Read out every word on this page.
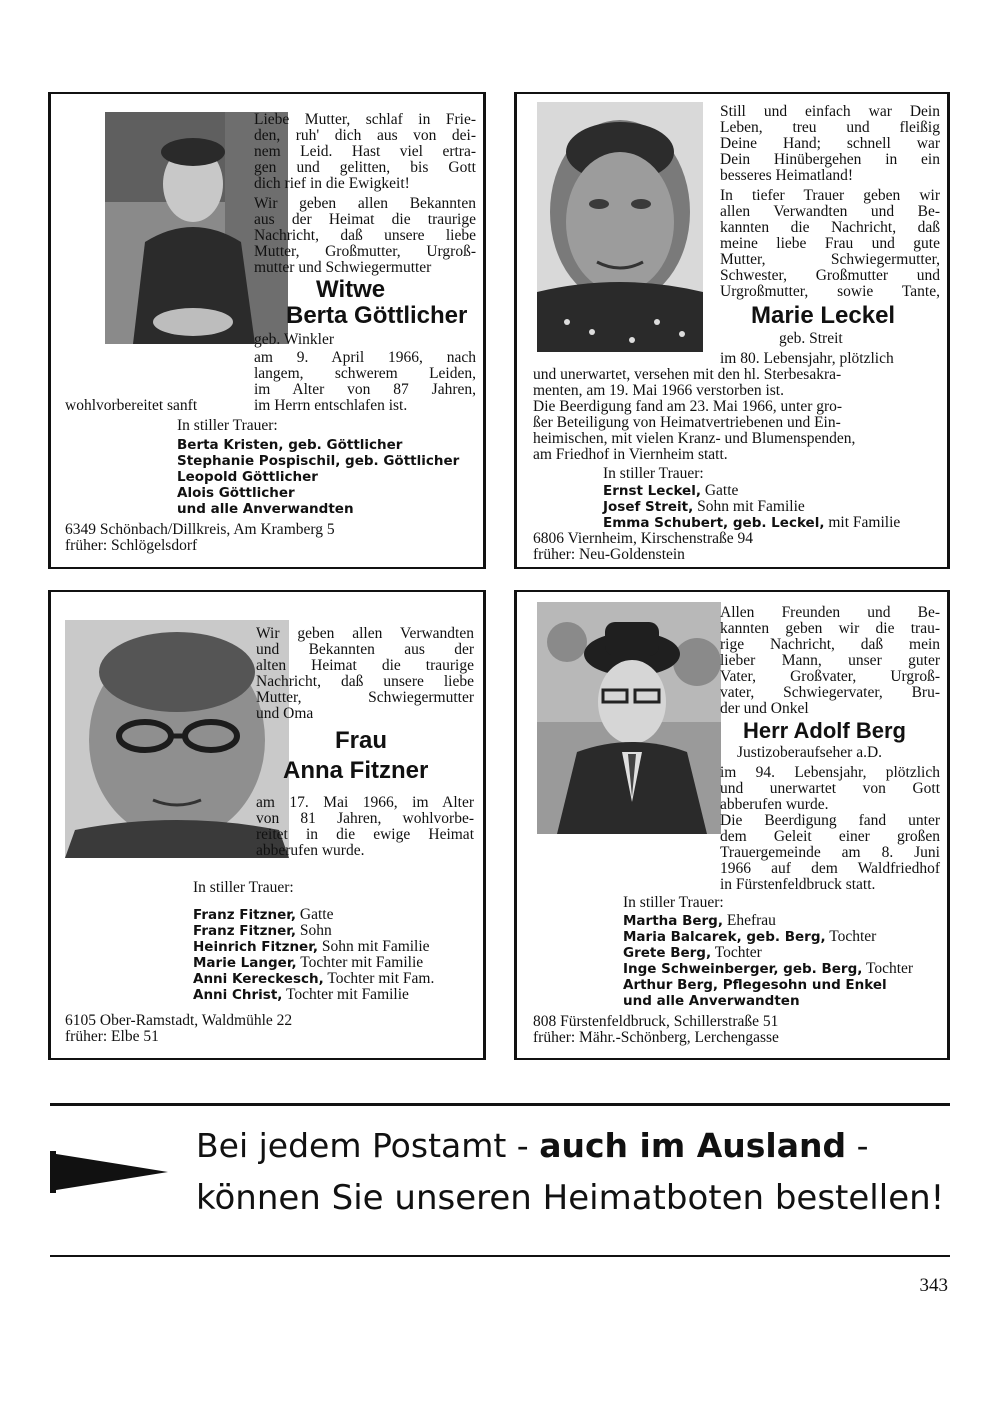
Liebe Mutter, schlaf in Frie-
den, ruh' dich aus von dei-
nem Leid. Hast viel ertra-
gen und gelitten, bis Gott
dich rief in die Ewigkeit!
Wir geben allen Bekannten
aus der Heimat die traurige
Nachricht, daß unsere liebe
Mutter, Großmutter, Urgroß-
mutter und Schwiegermutter
Witwe
Berta Göttlicher
geb. Winkler
am 9. April 1966, nach
langem, schwerem Leiden,
im Alter von 87 Jahren,
wohlvorbereitet sanft	im Herrn entschlafen ist.
In stiller Trauer:
Berta Kristen, geb. Göttlicher
Stephanie Pospischil, geb. Göttlicher
Leopold Göttlicher
Alois Göttlicher
und alle Anverwandten
6349 Schönbach/Dillkreis, Am Kramberg 5
früher: Schlögelsdorf
Still und einfach war Dein
Leben, treu und fleißig
Deine Hand; schnell war
Dein Hinübergehen in ein
besseres Heimatland!
In tiefer Trauer geben wir
allen Verwandten und Be-
kannten die Nachricht, daß
meine liebe Frau und gute
Mutter, Schwiegermutter,
Schwester, Großmutter und
Urgroßmutter, sowie Tante,
Marie Leckel
geb. Streit
im 80. Lebensjahr, plötzlich
und unerwartet, versehen mit den hl. Sterbesakra-
menten, am 19. Mai 1966 verstorben ist.
Die Beerdigung fand am 23. Mai 1966, unter gro-
ßer Beteiligung von Heimatvertriebenen und Ein-
heimischen, mit vielen Kranz- und Blumenspenden,
am Friedhof in Viernheim statt.
In stiller Trauer:
Ernst Leckel, Gatte
Josef Streit, Sohn mit Familie
Emma Schubert, geb. Leckel, mit Familie
6806 Viernheim, Kirschenstraße 94
früher: Neu-Goldenstein
Wir geben allen Verwandten
und Bekannten aus der
alten Heimat die traurige
Nachricht, daß unsere liebe
Mutter, Schwiegermutter
und Oma
Frau
Anna Fitzner
am 17. Mai 1966, im Alter
von 81 Jahren, wohlvorbe-
reitet in die ewige Heimat
abberufen wurde.
In stiller Trauer:
Franz Fitzner, Gatte
Franz Fitzner, Sohn
Heinrich Fitzner, Sohn mit Familie
Marie Langer, Tochter mit Familie
Anni Kereckesch, Tochter mit Fam.
Anni Christ, Tochter mit Familie
6105 Ober-Ramstadt, Waldmühle 22
früher: Elbe 51
Allen Freunden und Be-
kannten geben wir die trau-
rige Nachricht, daß mein
lieber Mann, unser guter
Vater, Großvater, Urgroß-
vater, Schwiegervater, Bru-
der und Onkel
Herr Adolf Berg
Justizoberaufseher a.D.
im 94. Lebensjahr, plötzlich
und unerwartet von Gott
abberufen wurde.
Die Beerdigung fand unter
dem Geleit einer großen
Trauergemeinde am 8. Juni
1966 auf dem Waldfriedhof
in Fürstenfeldbruck statt.
In stiller Trauer:
Martha Berg, Ehefrau
Maria Balcarek, geb. Berg, Tochter
Grete Berg, Tochter
Inge Schweinberger, geb. Berg, Tochter
Arthur Berg, Pflegesohn und Enkel
und alle Anverwandten
808 Fürstenfeldbruck, Schillerstraße 51
früher: Mähr.-Schönberg, Lerchengasse
Bei jedem Postamt - auch im Ausland -
können Sie unseren Heimatboten bestellen!
343
